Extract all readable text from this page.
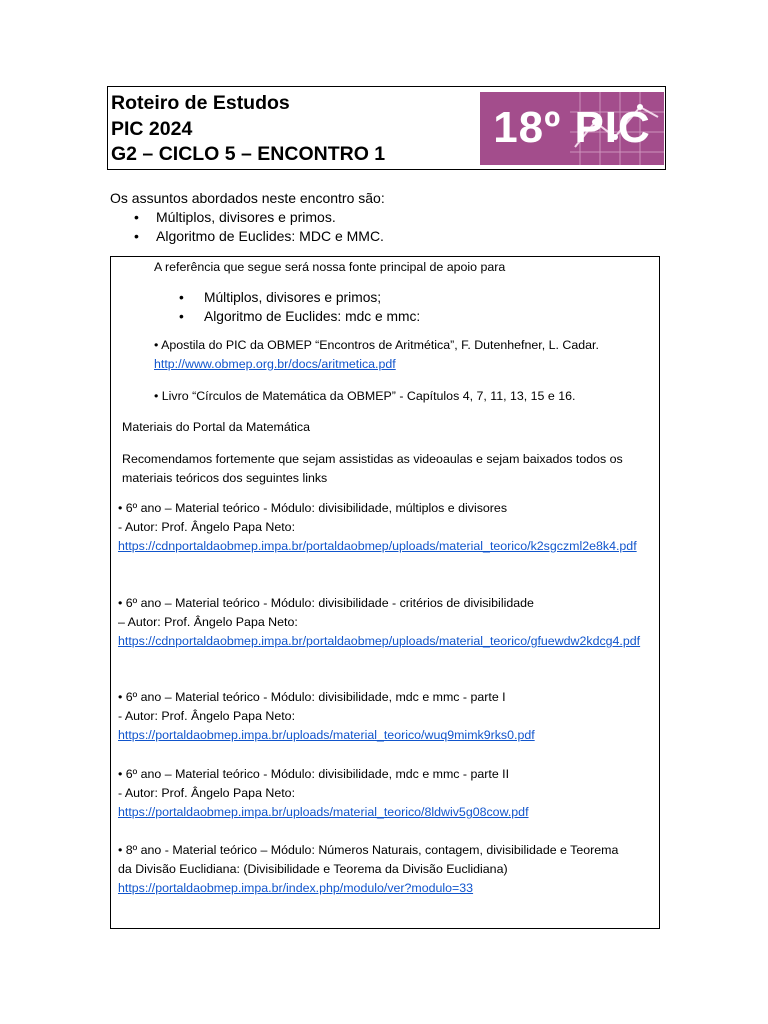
Roteiro de Estudos
PIC 2024
G2 – CICLO 5 – ENCONTRO 1
18º PIC
Os assuntos abordados neste encontro são:
• Múltiplos, divisores e primos.
• Algoritmo de Euclides: MDC e MMC.
A referência que segue será nossa fonte principal de apoio para
• Múltiplos, divisores e primos;
• Algoritmo de Euclides: mdc e mmc:
• Apostila do PIC da OBMEP “Encontros de Aritmética”, F. Dutenhefner, L. Cadar.
http://www.obmep.org.br/docs/aritmetica.pdf
• Livro “Círculos de Matemática da OBMEP” - Capítulos 4, 7, 11, 13, 15 e 16.
Materiais do Portal da Matemática
Recomendamos fortemente que sejam assistidas as videoaulas e sejam baixados todos os
materiais teóricos dos seguintes links
• 6º ano – Material teórico - Módulo: divisibilidade, múltiplos e divisores
- Autor: Prof. Ângelo Papa Neto:
https://cdnportaldaobmep.impa.br/portaldaobmep/uploads/material_teorico/k2sgczml2e8k4.pdf
• 6º ano – Material teórico - Módulo: divisibilidade - critérios de divisibilidade
– Autor: Prof. Ângelo Papa Neto:
https://cdnportaldaobmep.impa.br/portaldaobmep/uploads/material_teorico/gfuewdw2kdcg4.pdf
• 6º ano – Material teórico - Módulo: divisibilidade, mdc e mmc - parte I
- Autor: Prof. Ângelo Papa Neto:
https://portaldaobmep.impa.br/uploads/material_teorico/wuq9mimk9rks0.pdf
• 6º ano – Material teórico - Módulo: divisibilidade, mdc e mmc - parte II
- Autor: Prof. Ângelo Papa Neto:
https://portaldaobmep.impa.br/uploads/material_teorico/8ldwiv5g08cow.pdf
• 8º ano - Material teórico – Módulo: Números Naturais, contagem, divisibilidade e Teorema
da Divisão Euclidiana: (Divisibilidade e Teorema da Divisão Euclidiana)
https://portaldaobmep.impa.br/index.php/modulo/ver?modulo=33
